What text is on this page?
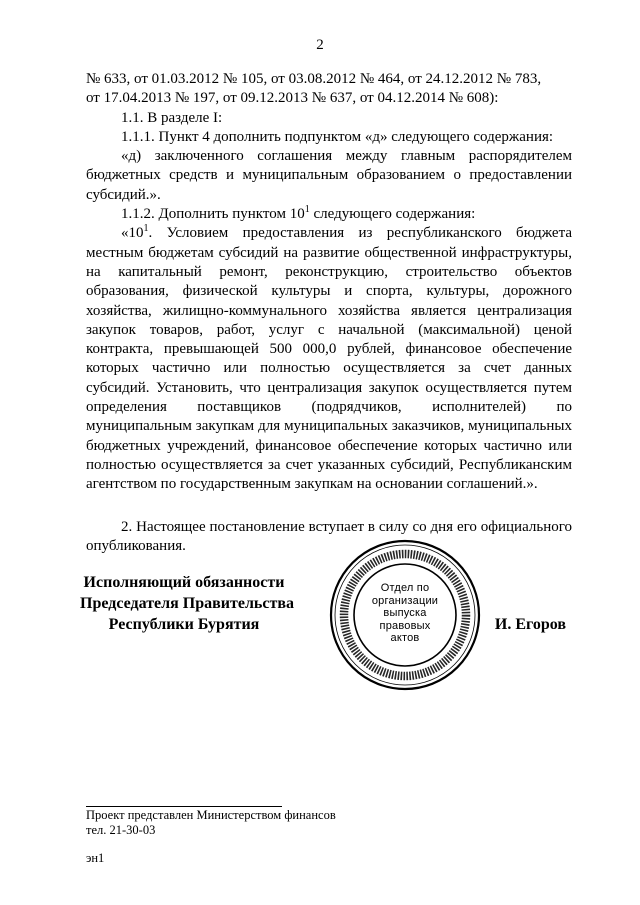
2

№ 633, от 01.03.2012 № 105, от 03.08.2012 № 464, от 24.12.2012 № 783,

от 17.04.2013 № 197, от 09.12.2013 № 637, от 04.12.2014 № 608):

1.1. В разделе I:

1.1.1. Пункт 4 дополнить подпунктом «д» следующего содержания:

«д) заключенного соглашения между главным распорядителем бюджетных средств и муниципальным образованием о предоставлении субсидий.».

1.1.2. Дополнить пунктом $10^1$ следующего содержания:

«$10^1$. Условием предоставления из республиканского бюджета местным бюджетам субсидий на развитие общественной инфраструктуры, на капитальный ремонт, реконструкцию, строительство объектов образования, физической культуры и спорта, культуры, дорожного хозяйства, жилищно-коммунального хозяйства является централизация закупок товаров, работ, услуг с начальной (максимальной) ценой контракта, превышающей 500 000,0 рублей, финансовое обеспечение которых частично или полностью осуществляется за счет данных субсидий. Установить, что централизация закупок осуществляется путем определения поставщиков (подрядчиков, исполнителей) по муниципальным закупкам для муниципальных заказчиков, муниципальных бюджетных учреждений, финансовое обеспечение которых частично или полностью осуществляется за счет указанных субсидий, Республиканским агентством по государственным закупкам на основании соглашений.».

2. Настоящее постановление вступает в силу со дня его официального опубликования.

Исполняющий обязанности
Председателя Правительства
Республики Бурятия
Отдел по
организации
выпуска
правовых
актов
И. Егоров
Проект представлен Министерством финансов
тел. 21-30-03
эн1
